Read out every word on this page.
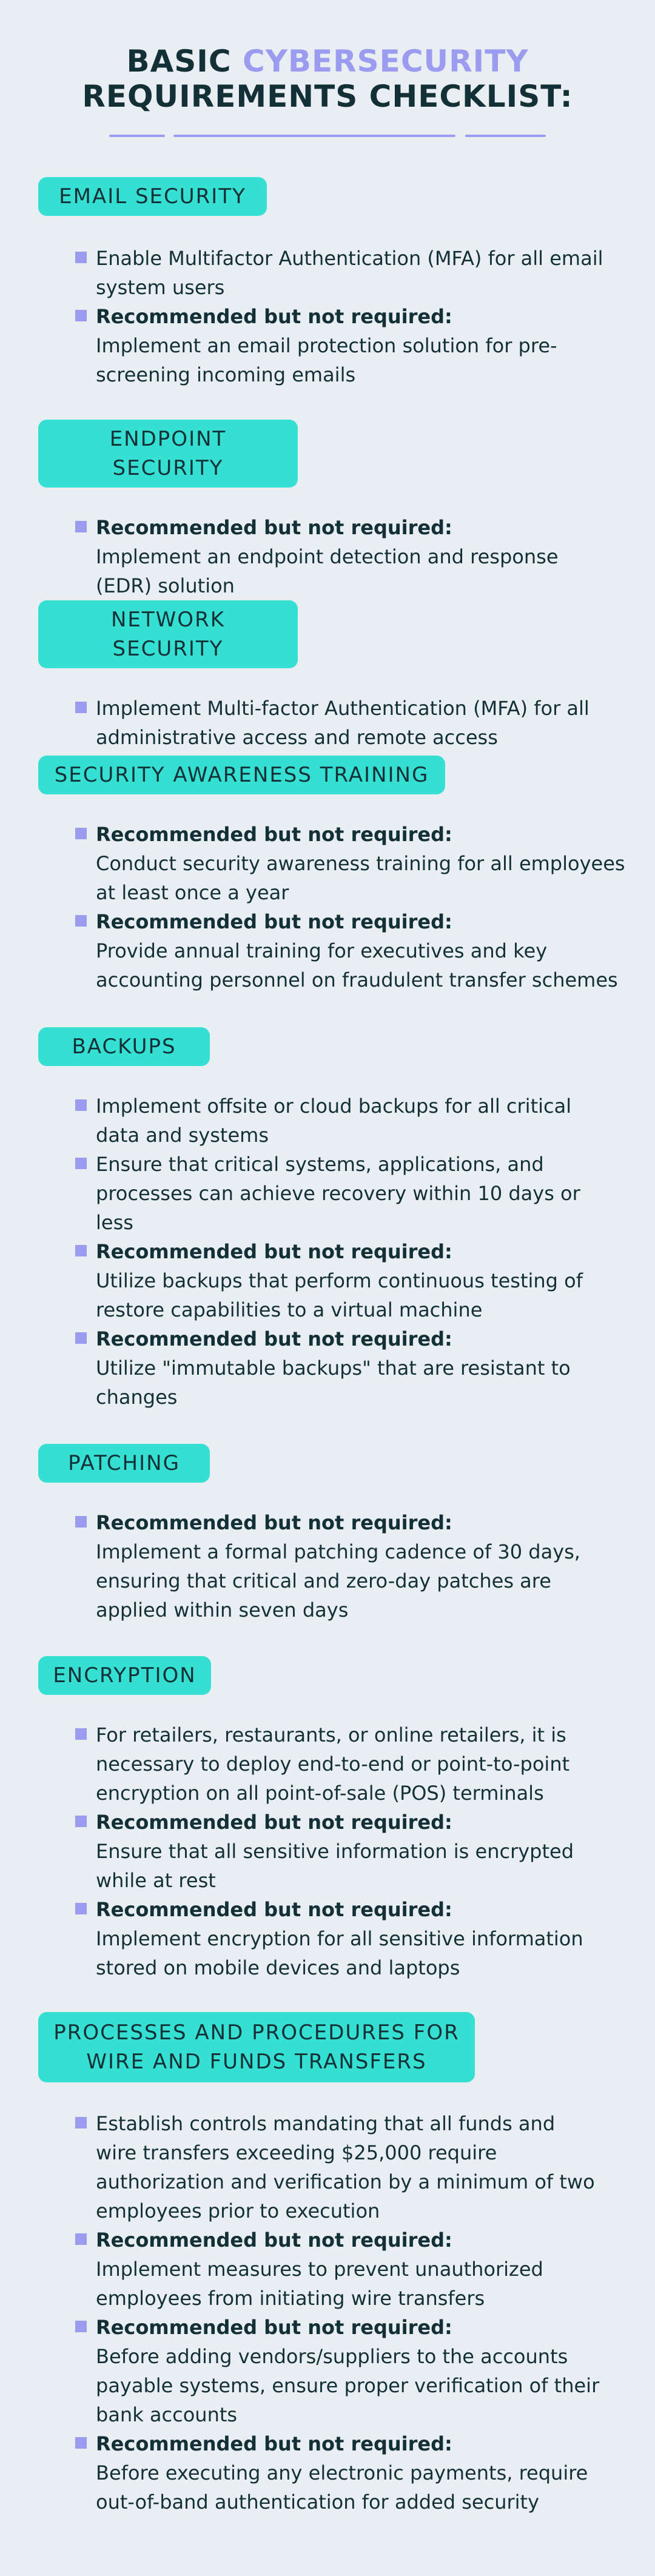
BASIC CYBERSECURITY
REQUIREMENTS CHECKLIST:
EMAIL SECURITY
Enable Multifactor Authentication (MFA) for all email
system users
Recommended but not required:
Implement an email protection solution for pre-
screening incoming emails
ENDPOINT SECURITY
Recommended but not required:
Implement an endpoint detection and response
(EDR) solution
NETWORK SECURITY
Implement Multi-factor Authentication (MFA) for all
administrative access and remote access
SECURITY AWARENESS TRAINING
Recommended but not required:
Conduct security awareness training for all employees
at least once a year
Recommended but not required:
Provide annual training for executives and key
accounting personnel on fraudulent transfer schemes
BACKUPS
Implement offsite or cloud backups for all critical
data and systems
Ensure that critical systems, applications, and
processes can achieve recovery within 10 days or
less
Recommended but not required:
Utilize backups that perform continuous testing of
restore capabilities to a virtual machine
Recommended but not required:
Utilize "immutable backups" that are resistant to
changes
PATCHING
Recommended but not required:
Implement a formal patching cadence of 30 days,
ensuring that critical and zero-day patches are
applied within seven days
ENCRYPTION
For retailers, restaurants, or online retailers, it is
necessary to deploy end-to-end or point-to-point
encryption on all point-of-sale (POS) terminals
Recommended but not required:
Ensure that all sensitive information is encrypted
while at rest
Recommended but not required:
Implement encryption for all sensitive information
stored on mobile devices and laptops
PROCESSES AND PROCEDURES FOR
WIRE AND FUNDS TRANSFERS
Establish controls mandating that all funds and
wire transfers exceeding $25,000 require
authorization and verification by a minimum of two
employees prior to execution
Recommended but not required:
Implement measures to prevent unauthorized
employees from initiating wire transfers
Recommended but not required:
Before adding vendors/suppliers to the accounts
payable systems, ensure proper verification of their
bank accounts
Recommended but not required:
Before executing any electronic payments, require
out-of-band authentication for added security
